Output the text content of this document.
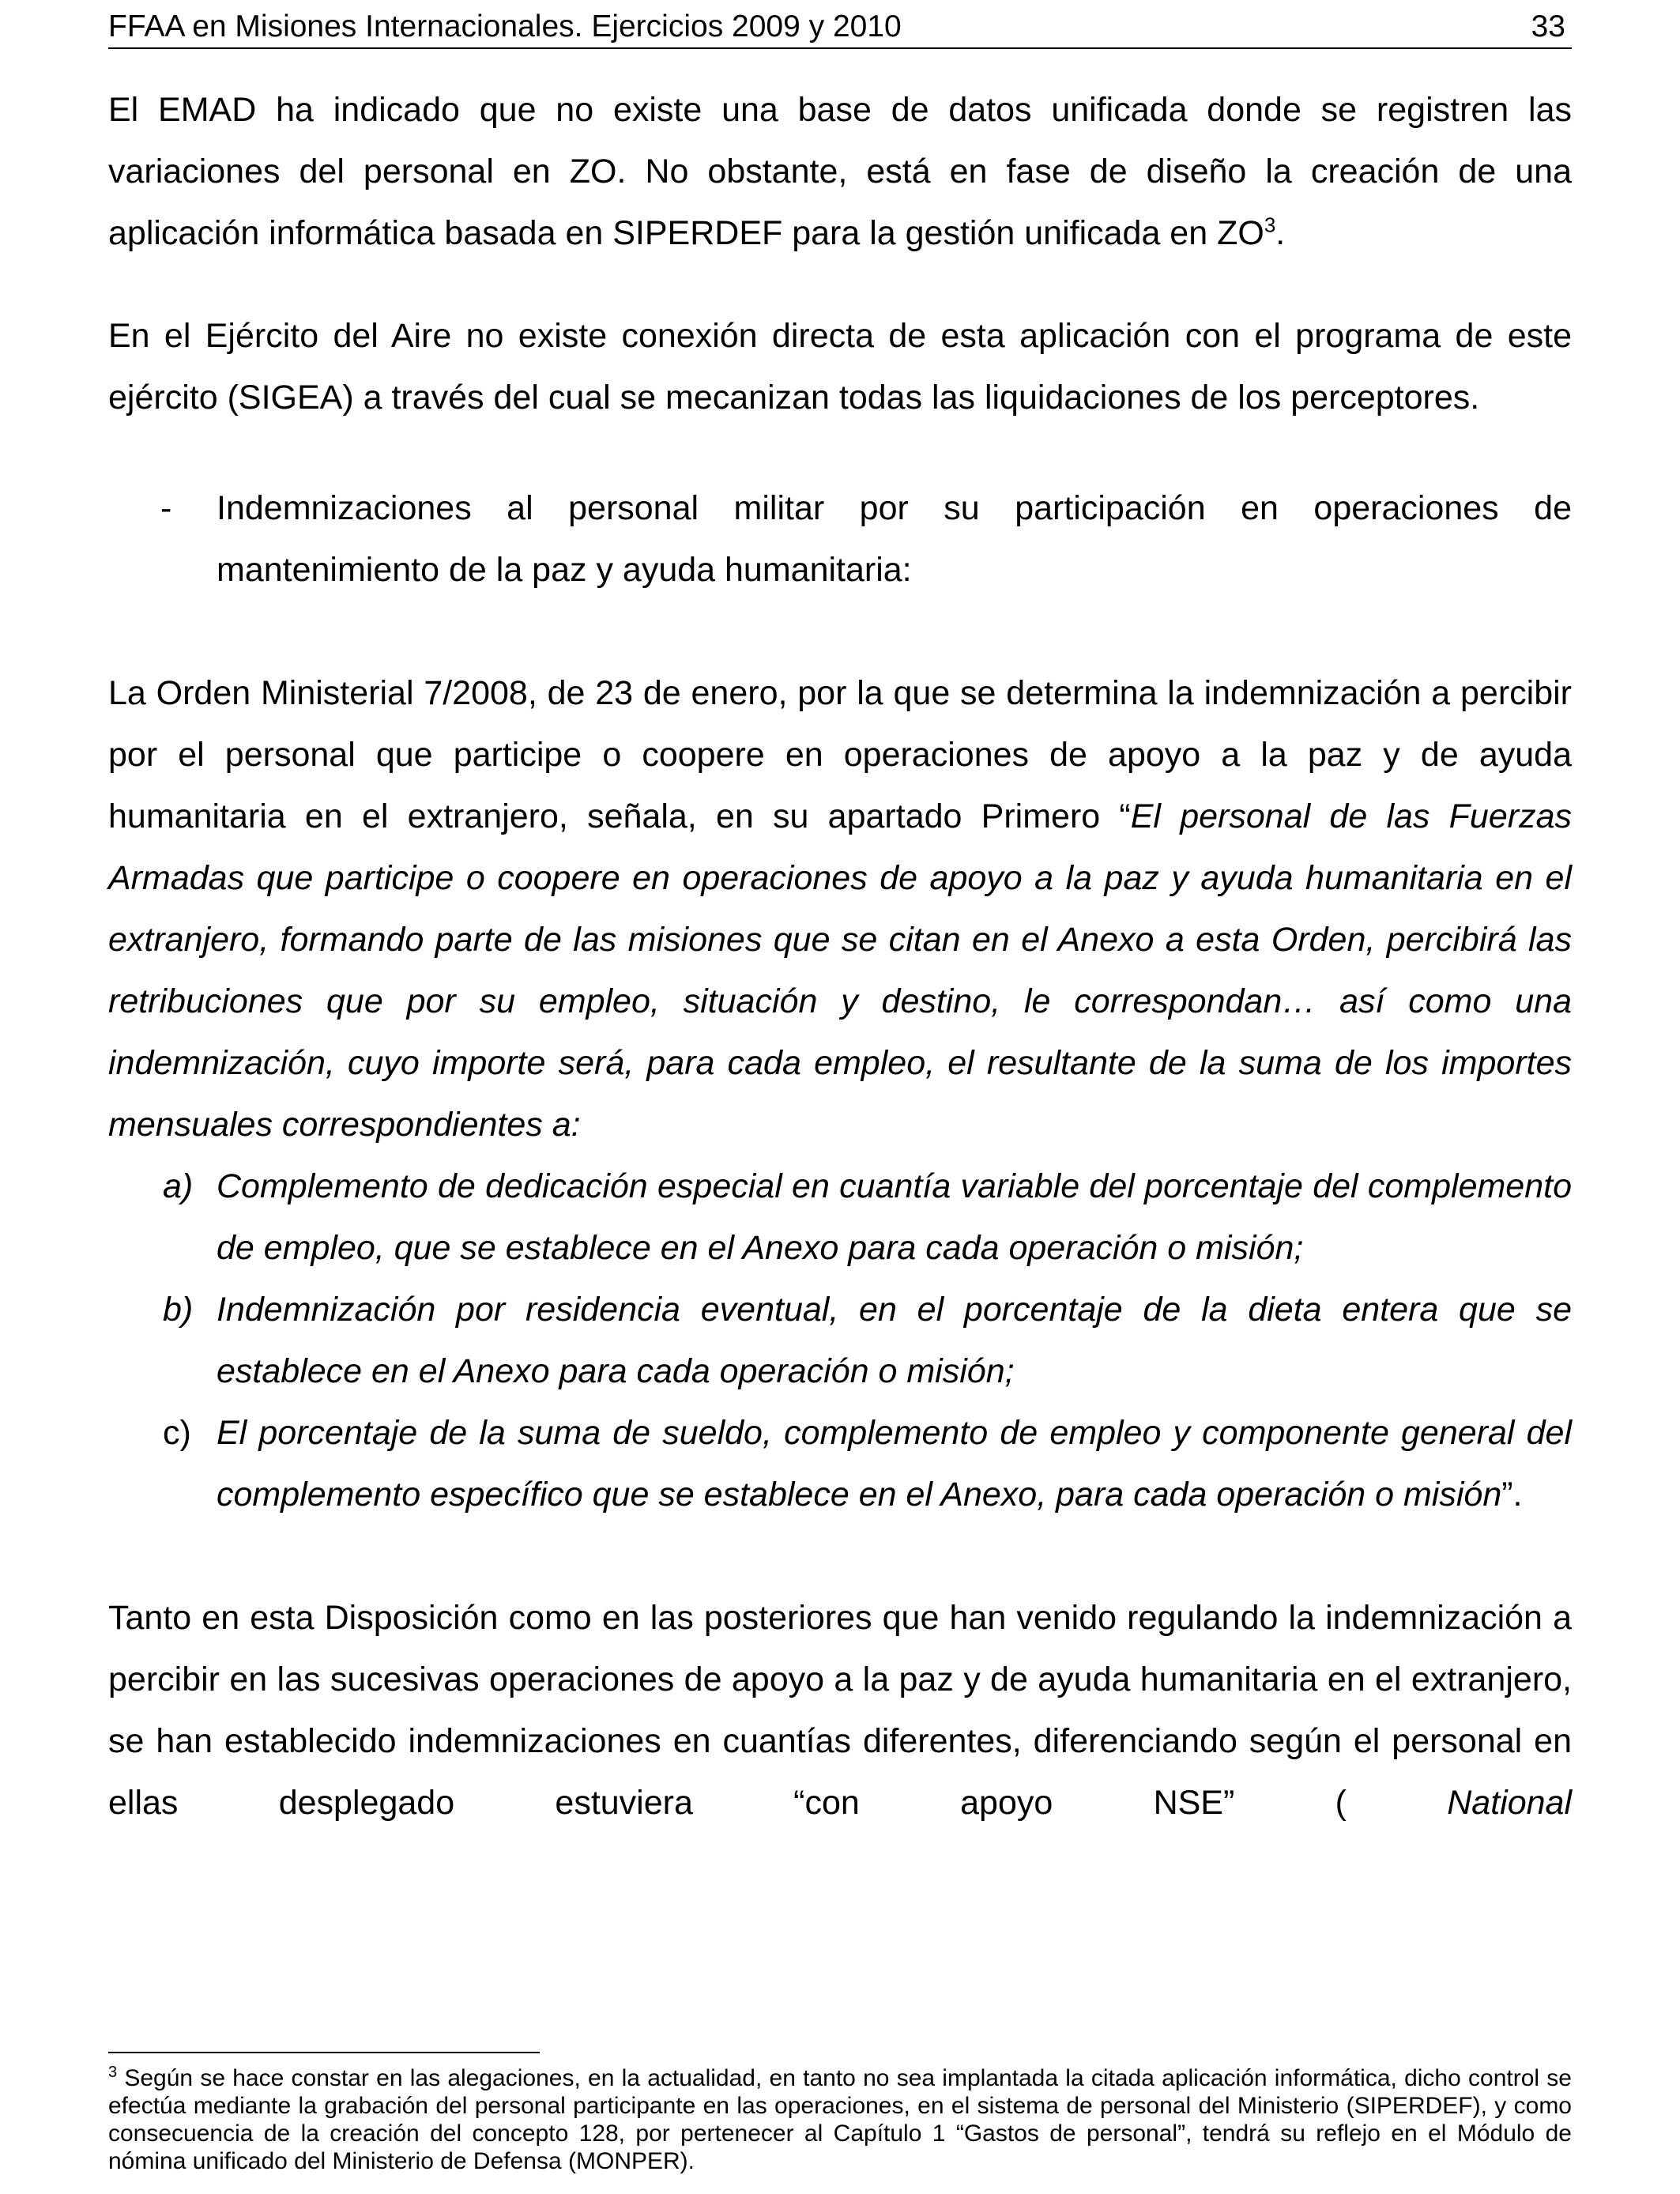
FFAA en Misiones Internacionales. Ejercicios 2009 y 2010	33

El EMAD ha indicado que no existe una base de datos unificada donde se registren las variaciones del personal en ZO. No obstante, está en fase de diseño la creación de una aplicación informática basada en SIPERDEF para la gestión unificada en $ZO^3$.

En el Ejército del Aire no existe conexión directa de esta aplicación con el programa de este ejército (SIGEA) a través del cual se mecanizan todas las liquidaciones de los perceptores.

- Indemnizaciones al personal militar por su participación en operaciones de mantenimiento de la paz y ayuda humanitaria:

La Orden Ministerial 7/2008, de 23 de enero, por la que se determina la indemnización a percibir por el personal que participe o coopere en operaciones de apoyo a la paz y de ayuda humanitaria en el extranjero, señala, en su apartado Primero “El personal de las Fuerzas Armadas que participe o coopere en operaciones de apoyo a la paz y ayuda humanitaria en el extranjero, formando parte de las misiones que se citan en el Anexo a esta Orden, percibirá las retribuciones que por su empleo, situación y destino, le correspondan… así como una indemnización, cuyo importe será, para cada empleo, el resultante de la suma de los importes mensuales correspondientes a:

a) Complemento de dedicación especial en cuantía variable del porcentaje del complemento de empleo, que se establece en el Anexo para cada operación o misión;
b) Indemnización por residencia eventual, en el porcentaje de la dieta entera que se establece en el Anexo para cada operación o misión;
c) El porcentaje de la suma de sueldo, complemento de empleo y componente general del complemento específico que se establece en el Anexo, para cada operación o misión”.

Tanto en esta Disposición como en las posteriores que han venido regulando la indemnización a percibir en las sucesivas operaciones de apoyo a la paz y de ayuda humanitaria en el extranjero, se han establecido indemnizaciones en cuantías diferentes, diferenciando según el personal en ellas desplegado estuviera “con apoyo NSE” ( National

$^3$ Según se hace constar en las alegaciones, en la actualidad, en tanto no sea implantada la citada aplicación informática, dicho control se efectúa mediante la grabación del personal participante en las operaciones, en el sistema de personal del Ministerio (SIPERDEF), y como consecuencia de la creación del concepto 128, por pertenecer al Capítulo 1 “Gastos de personal”, tendrá su reflejo en el Módulo de nómina unificado del Ministerio de Defensa (MONPER).
